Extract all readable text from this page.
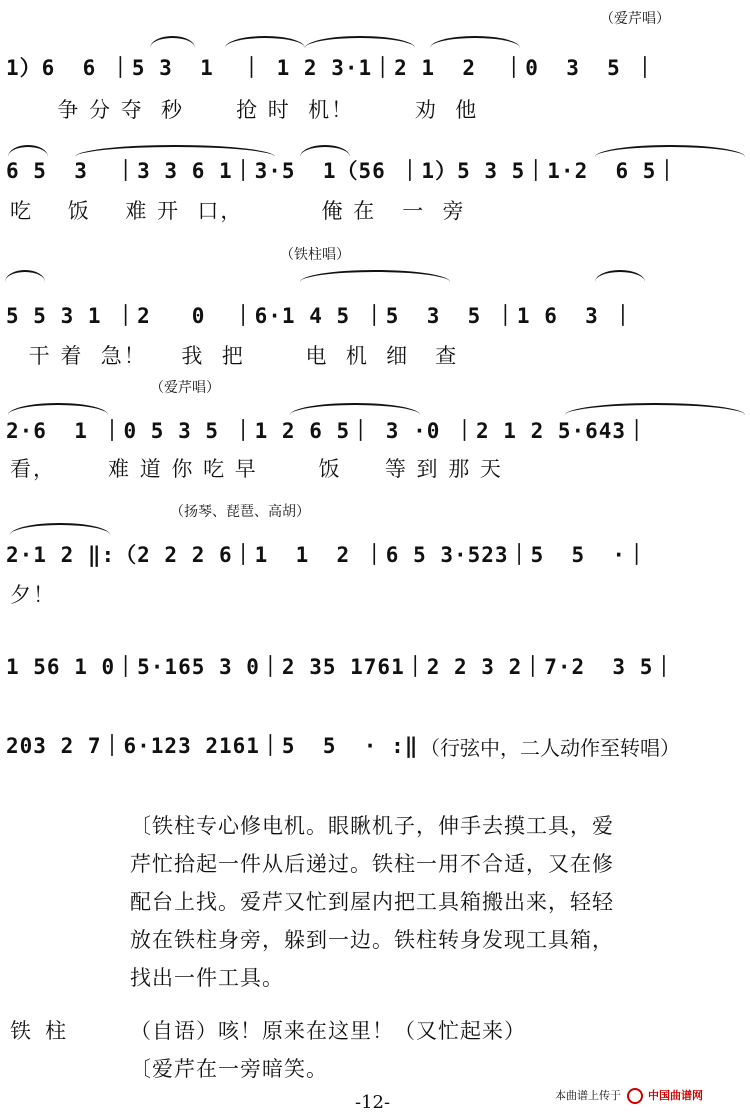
（爱芹唱）
1）6  6 ｜5 3  1  ｜ 1 2 3·1｜2 1  2  ｜0  3  5 ｜
争 分 夺  秒      抢 时  机！       劝  他
6 5  3  ｜3 3 6 1｜3·5  1（56 ｜1）5 3 5｜1·2  6 5｜
吃    饭    难 开  口，         俺 在   一  旁
（铁柱唱）
5 5 3 1 ｜2   0  ｜6·1 4 5 ｜5  3  5 ｜1 6  3 ｜
干 着  急！    我  把       电  机  细   查
（爱芹唱）
2·6  1 ｜0 5 3 5 ｜1 2 6 5｜ 3 ·0 ｜2 1 2 5·643｜
看，      难 道 你 吃 早       饭     等 到 那 天
（扬琴、琵琶、高胡）
2·1 2 ‖:（2 2 2 6｜1  1  2 ｜6 5 3·523｜5  5  ·｜
夕！
1 56 1 0｜5·165 3 0｜2 35 1761｜2 2 3 2｜7·2  3 5｜
203 2 7｜6·123 2161｜5  5  · :‖ （行弦中，二人动作至转唱）
〔铁柱专心修电机。眼瞅机子，伸手去摸工具，爱
芹忙拾起一件从后递过。铁柱一用不合适，又在修
配台上找。爱芹又忙到屋内把工具箱搬出来，轻轻
放在铁柱身旁，躲到一边。铁柱转身发现工具箱，
找出一件工具。
铁柱 （自语）咳！原来在这里！（又忙起来）
〔爱芹在一旁暗笑。
-12-	本曲谱上传于 中国曲谱网
